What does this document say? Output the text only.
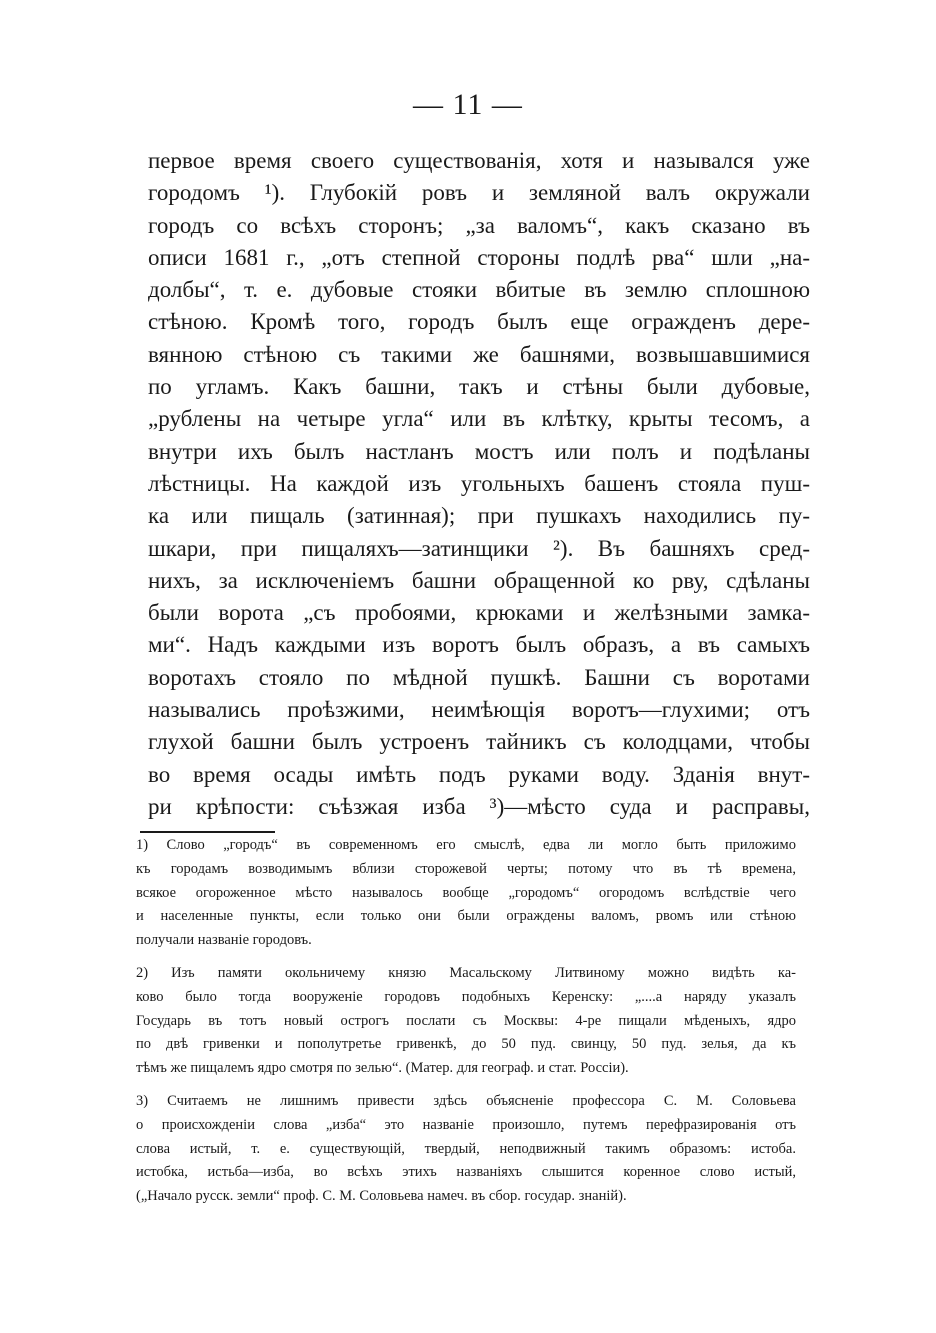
— 11 —
первое время своего существованія, хотя и назывался уже
городомъ ¹). Глубокій ровъ и земляной валъ окружали
городъ со всѣхъ сторонъ; „за валомъ“, какъ сказано въ
описи 1681 г., „отъ степной стороны подлѣ рва“ шли „на-
долбы“, т. е. дубовые стояки вбитые въ землю сплошною
стѣною. Кромѣ того, городъ былъ еще огражденъ дере-
вянною стѣною съ такими же башнями, возвышавшимися
по угламъ. Какъ башни, такъ и стѣны были дубовые,
„рублены на четыре угла“ или въ клѣтку, крыты тесомъ, а
внутри ихъ былъ настланъ мостъ или полъ и подѣланы
лѣстницы. На каждой изъ угольныхъ башенъ стояла пуш-
ка или пищаль (затинная); при пушкахъ находились пу-
шкари, при пищаляхъ—затинщики ²). Въ башняхъ сред-
нихъ, за исключеніемъ башни обращенной ко рву, сдѣланы
были ворота „съ пробоями, крюками и желѣзными замка-
ми“. Надъ каждыми изъ воротъ былъ образъ, а въ самыхъ
воротахъ стояло по мѣдной пушкѣ. Башни съ воротами
назывались проѣзжими, неимѣющія воротъ—глухими; отъ
глухой башни былъ устроенъ тайникъ съ колодцами, чтобы
во время осады имѣть подъ руками воду. Зданія внут-
ри крѣпости: съѣзжая изба ³)—мѣсто суда и расправы,
1) Слово „городъ“ въ современномъ его смыслѣ, едва ли могло быть приложимо
къ городамъ возводимымъ вблизи сторожевой черты; потому что въ тѣ времена,
всякое огороженное мѣсто называлось вообще „городомъ“ огородомъ вслѣдствіе чего
и населенные пункты, если только они были ограждены валомъ, рвомъ или стѣною
получали названіе городовъ.
2) Изъ памяти окольничему князю Масальскому Литвиному можно видѣть ка-
ково было тогда вооруженіе городовъ подобныхъ Керенску: „....а наряду указалъ
Государь въ тотъ новый острогъ послати съ Москвы: 4-ре пищали мѣденыхъ, ядро
по двѣ гривенки и пополутретье гривенкѣ, до 50 пуд. свинцу, 50 пуд. зелья, да къ
тѣмъ же пищалемъ ядро смотря по зелью“. (Матер. для географ. и стат. Россіи).
3) Считаемъ не лишнимъ привести здѣсь объясненіе профессора С. М. Соловьева
о происхожденіи слова „изба“ это названіе произошло, путемъ перефразированія отъ
слова истый, т. е. существующій, твердый, неподвижный такимъ образомъ: истоба.
истобка, истьба—изба, во всѣхъ этихъ названіяхъ слышится коренное слово истый,
(„Начало русск. земли“ проф. С. М. Соловьева намеч. въ сбор. государ. знаній).
